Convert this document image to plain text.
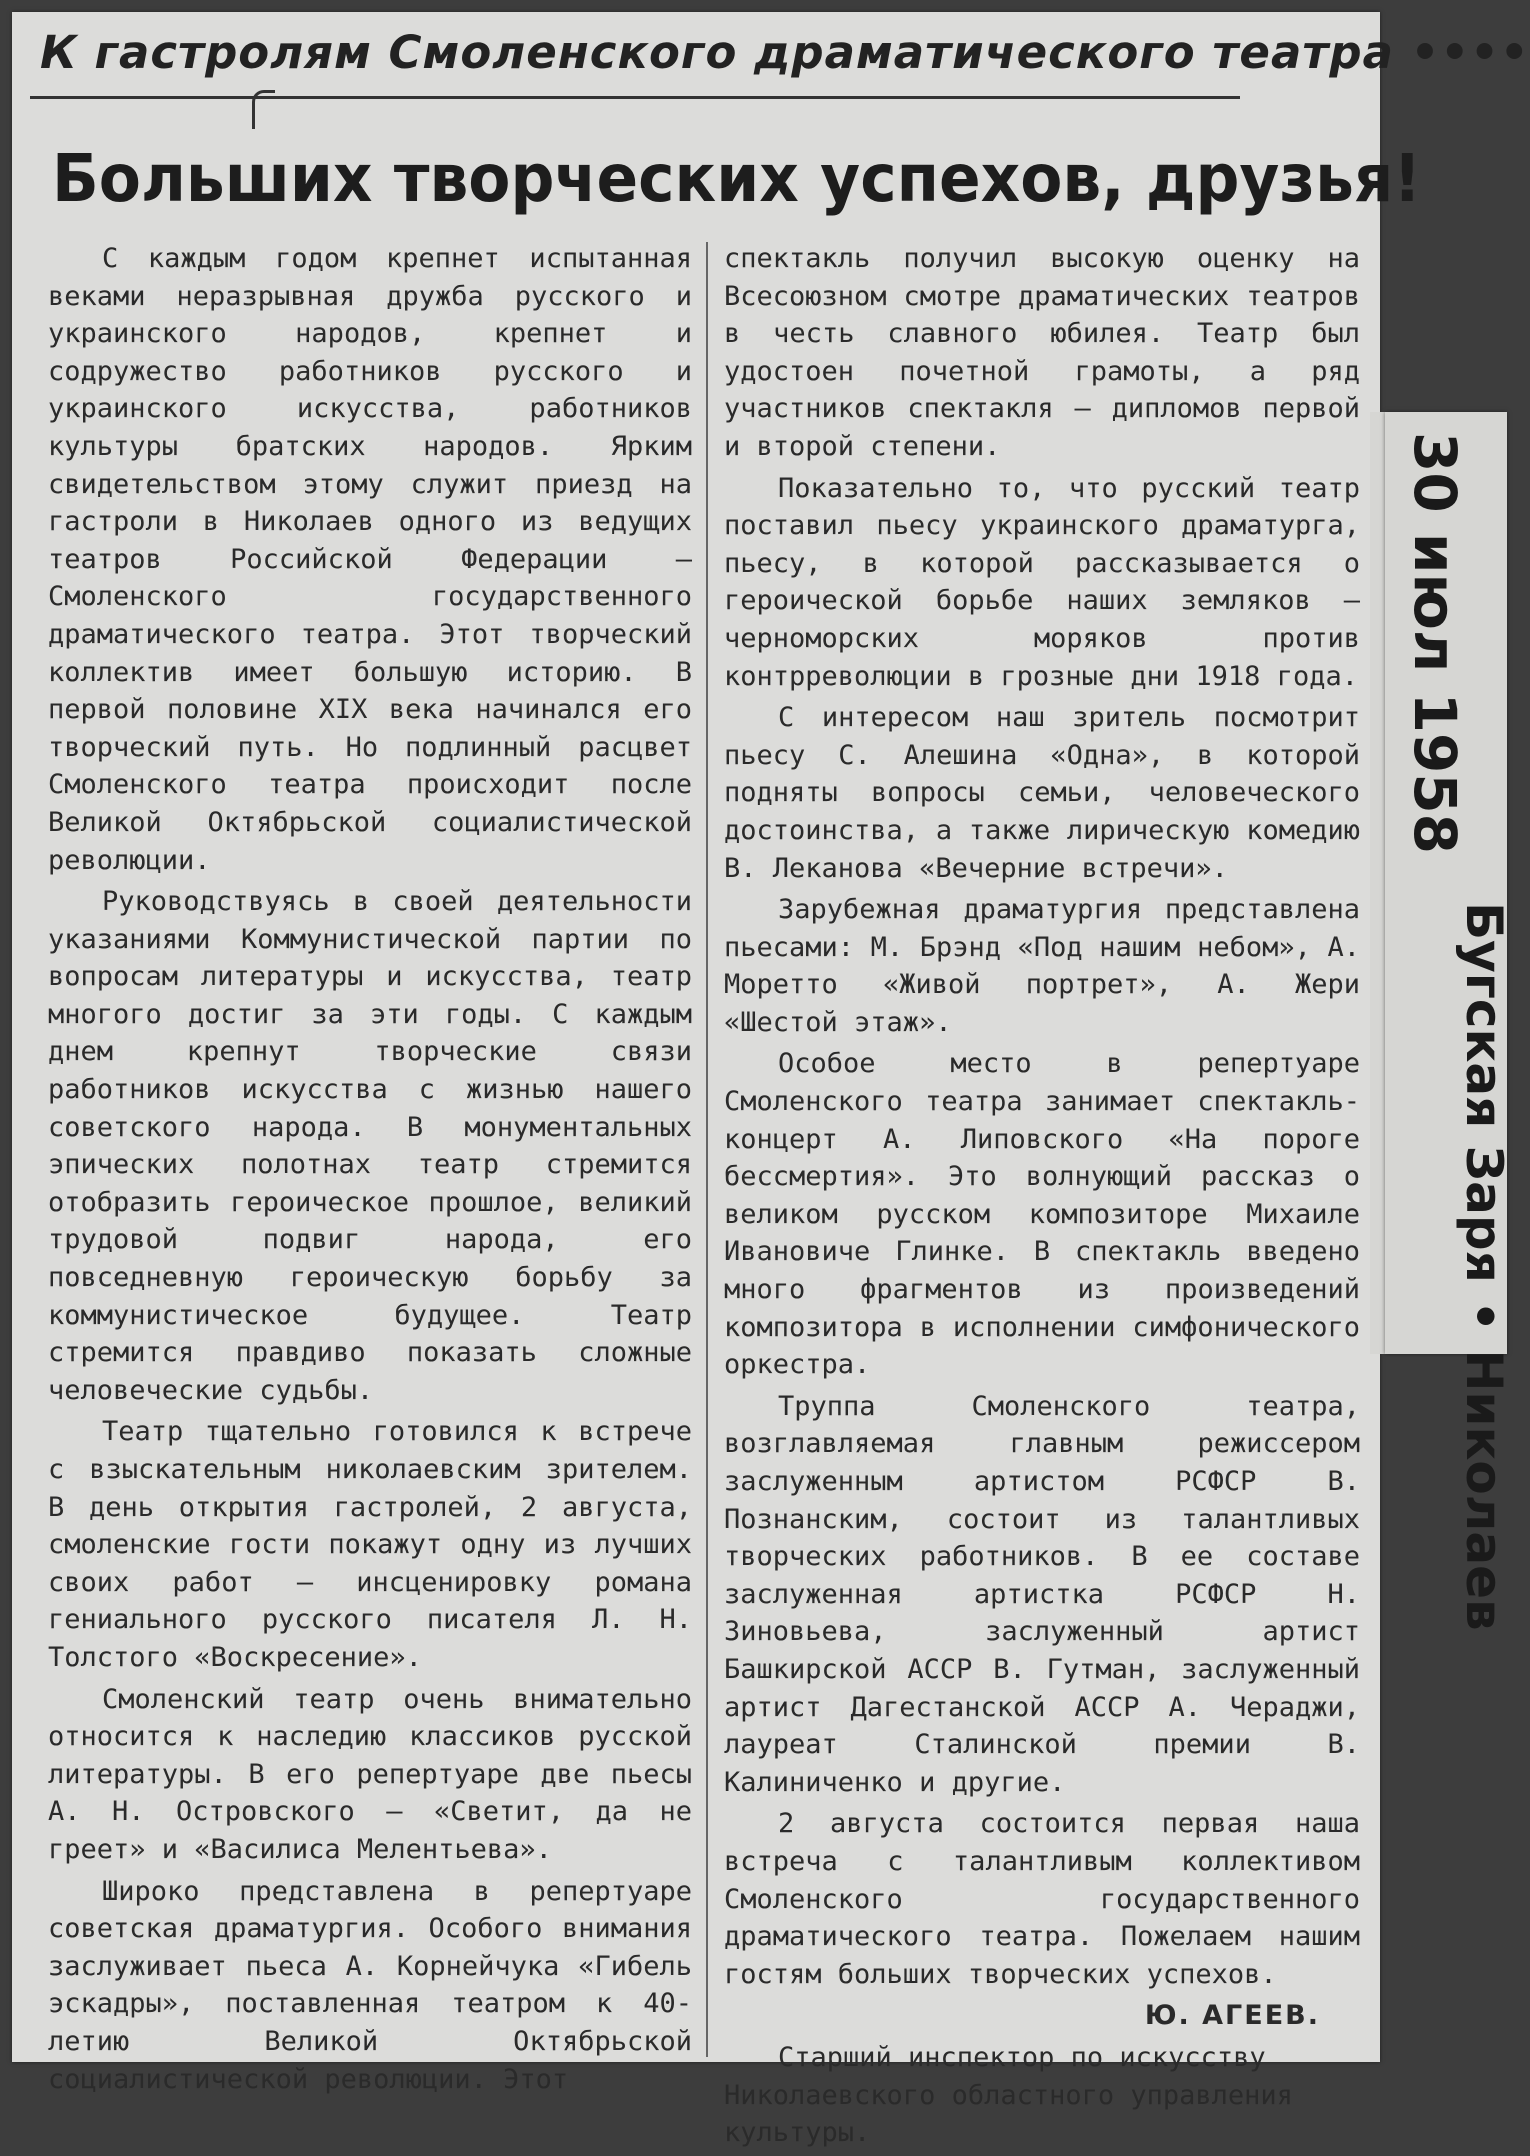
К гастролям Смоленского драматического театра ••••
Больших творческих успехов, друзья!

С каждым годом крепнет испытанная веками неразрывная дружба русского и украинского народов, крепнет и содружество работников русского и украинского искусства, работников культуры братских народов. Ярким свидетельством этому служит приезд на гастроли в Николаев одного из ведущих театров Российской Федерации — Смоленского государственного драматического театра. Этот творческий коллектив имеет большую историю. В первой половине XIX века начинался его творческий путь. Но подлинный расцвет Смоленского театра происходит после Великой Октябрьской социалистической революции.

Руководствуясь в своей деятельности указаниями Коммунистической партии по вопросам литературы и искусства, театр многого достиг за эти годы. С каждым днем крепнут творческие связи работников искусства с жизнью нашего советского народа. В монументальных эпических полотнах театр стремится отобразить героическое прошлое, великий трудовой подвиг народа, его повседневную героическую борьбу за коммунистическое будущее. Театр стремится правдиво показать сложные человеческие судьбы.

Театр тщательно готовился к встрече с взыскательным николаевским зрителем. В день открытия гастролей, 2 августа, смоленские гости покажут одну из лучших своих работ — инсценировку романа гениального русского писателя Л. Н. Толстого «Воскресение».

Смоленский театр очень внимательно относится к наследию классиков русской литературы. В его репертуаре две пьесы А. Н. Островского — «Светит, да не греет» и «Василиса Мелентьева».

Широко представлена в репертуаре советская драматургия. Особого внимания заслуживает пьеса А. Корнейчука «Гибель эскадры», поставленная театром к 40-летию Великой Октябрьской социалистической революции. Этот

спектакль получил высокую оценку на Всесоюзном смотре драматических театров в честь славного юбилея. Театр был удостоен почетной грамоты, а ряд участников спектакля — дипломов первой и второй степени.

Показательно то, что русский театр поставил пьесу украинского драматурга, пьесу, в которой рассказывается о героической борьбе наших земляков — черноморских моряков против контрреволюции в грозные дни 1918 года.

С интересом наш зритель посмотрит пьесу С. Алешина «Одна», в которой подняты вопросы семьи, человеческого достоинства, а также лирическую комедию В. Леканова «Вечерние встречи».

Зарубежная драматургия представлена пьесами: М. Брэнд «Под нашим небом», А. Моретто «Живой портрет», А. Жери «Шестой этаж».

Особое место в репертуаре Смоленского театра занимает спектакль-концерт А. Липовского «На пороге бессмертия». Это волнующий рассказ о великом русском композиторе Михаиле Ивановиче Глинке. В спектакль введено много фрагментов из произведений композитора в исполнении симфонического оркестра.

Труппа Смоленского театра, возглавляемая главным режиссером заслуженным артистом РСФСР В. Познанским, состоит из талантливых творческих работников. В ее составе заслуженная артистка РСФСР Н. Зиновьева, заслуженный артист Башкирской АССР В. Гутман, заслуженный артист Дагестанской АССР А. Чераджи, лауреат Сталинской премии В. Калиниченко и другие.

2 августа состоится первая наша встреча с талантливым коллективом Смоленского государственного драматического театра. Пожелаем нашим гостям больших творческих успехов.

Ю. АГЕЕВ.

Старший инспектор по искусству Николаевского областного управления культуры.

30 июл 1958
Бугская Заря • Николаев
